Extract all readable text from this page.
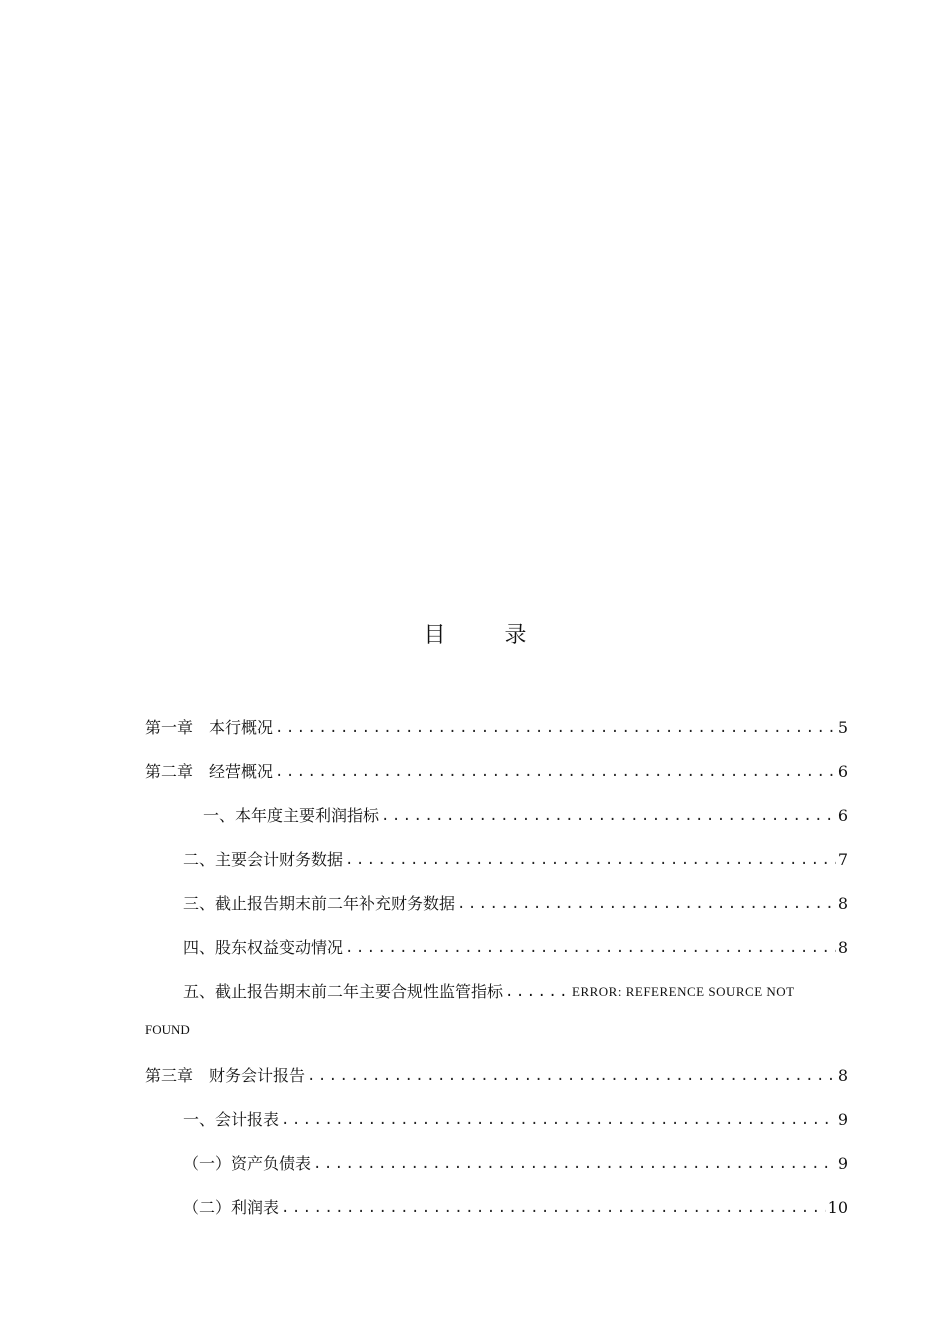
目 录
第一章　本行概况 .....	5
第二章　经营概况 .....	6
一、本年度主要利润指标 .....	6
二、主要会计财务数据 .....	7
三、截止报告期末前二年补充财务数据 .....	8
四、股东权益变动情况 .....	8
五、截止报告期末前二年主要合规性监管指标 ...... ERROR: REFERENCE SOURCE NOT
FOUND
第三章　财务会计报告 .....	8
一、会计报表 .....	9
（一）资产负债表 .....	9
（二）利润表 .....	10
